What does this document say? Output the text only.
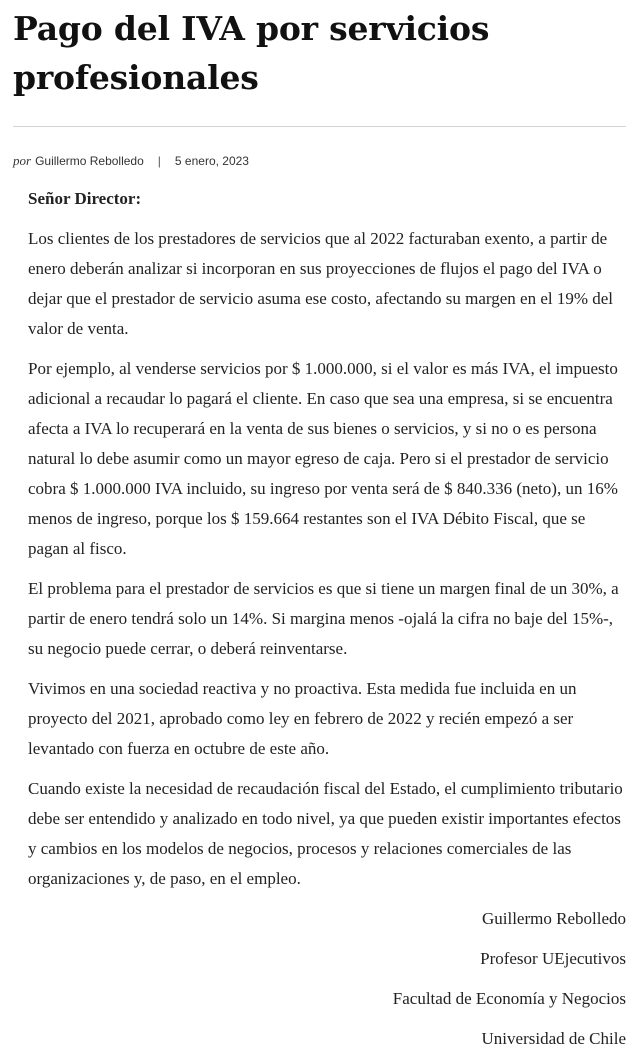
Pago del IVA por servicios profesionales
por Guillermo Rebolledo | 5 enero, 2023

Señor Director:

Los clientes de los prestadores de servicios que al 2022 facturaban exento, a partir de enero deberán analizar si incorporan en sus proyecciones de flujos el pago del IVA o dejar que el prestador de servicio asuma ese costo, afectando su margen en el 19% del valor de venta.

Por ejemplo, al venderse servicios por $ 1.000.000, si el valor es más IVA, el impuesto adicional a recaudar lo pagará el cliente. En caso que sea una empresa, si se encuentra afecta a IVA lo recuperará en la venta de sus bienes o servicios, y si no o es persona natural lo debe asumir como un mayor egreso de caja. Pero si el prestador de servicio cobra $ 1.000.000 IVA incluido, su ingreso por venta será de $ 840.336 (neto), un 16% menos de ingreso, porque los $ 159.664 restantes son el IVA Débito Fiscal, que se pagan al fisco.

El problema para el prestador de servicios es que si tiene un margen final de un 30%, a partir de enero tendrá solo un 14%. Si margina menos -ojalá la cifra no baje del 15%-, su negocio puede cerrar, o deberá reinventarse.

Vivimos en una sociedad reactiva y no proactiva. Esta medida fue incluida en un proyecto del 2021, aprobado como ley en febrero de 2022 y recién empezó a ser levantado con fuerza en octubre de este año.

Cuando existe la necesidad de recaudación fiscal del Estado, el cumplimiento tributario debe ser entendido y analizado en todo nivel, ya que pueden existir importantes efectos y cambios en los modelos de negocios, procesos y relaciones comerciales de las organizaciones y, de paso, en el empleo.

Guillermo Rebolledo

Profesor UEjecutivos

Facultad de Economía y Negocios

Universidad de Chile
